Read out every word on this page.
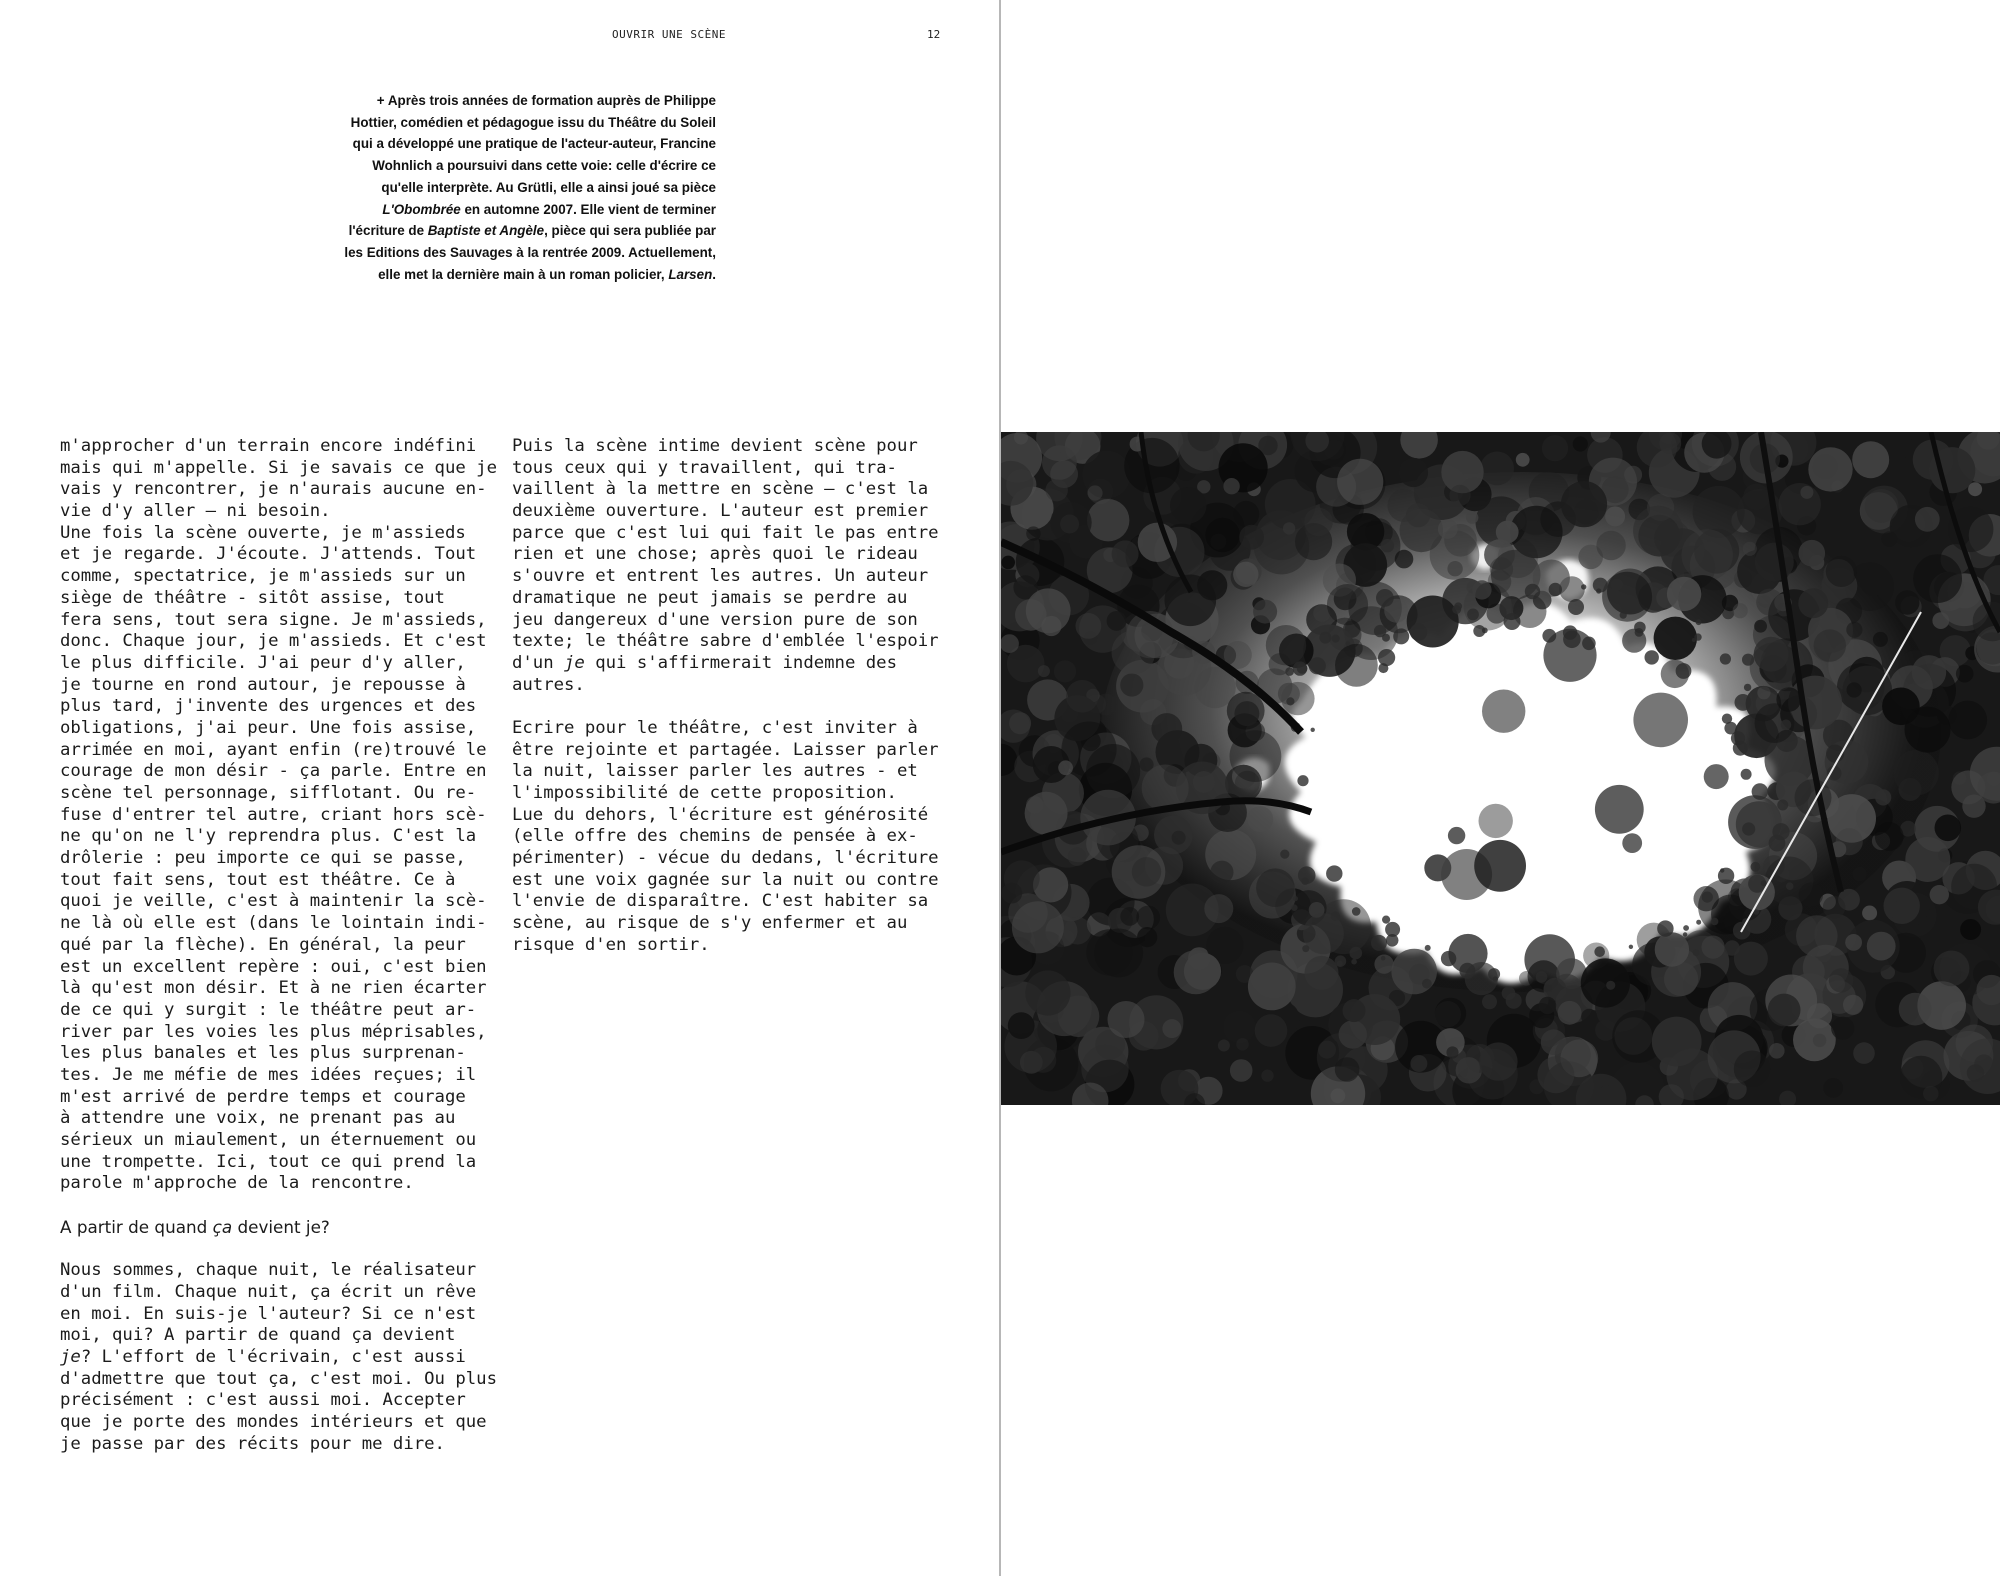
OUVRIR UNE SCÈNE	12
+ Après trois années de formation auprès de Philippe
Hottier, comédien et pédagogue issu du Théâtre du Soleil
qui a développé une pratique de l'acteur-auteur, Francine
Wohnlich a poursuivi dans cette voie: celle d'écrire ce
qu'elle interprète. Au Grütli, elle a ainsi joué sa pièce
L'Obombrée en automne 2007. Elle vient de terminer
l'écriture de Baptiste et Angèle, pièce qui sera publiée par
les Editions des Sauvages à la rentrée 2009. Actuellement,
elle met la dernière main à un roman policier, Larsen.
m'approcher d'un terrain encore indéfini
mais qui m'appelle. Si je savais ce que je
vais y rencontrer, je n'aurais aucune en-
vie d'y aller – ni besoin.
Une fois la scène ouverte, je m'assieds
et je regarde. J'écoute. J'attends. Tout
comme, spectatrice, je m'assieds sur un
siège de théâtre - sitôt assise, tout
fera sens, tout sera signe. Je m'assieds,
donc. Chaque jour, je m'assieds. Et c'est
le plus difficile. J'ai peur d'y aller,
je tourne en rond autour, je repousse à
plus tard, j'invente des urgences et des
obligations, j'ai peur. Une fois assise,
arrimée en moi, ayant enfin (re)trouvé le
courage de mon désir - ça parle. Entre en
scène tel personnage, sifflotant. Ou re-
fuse d'entrer tel autre, criant hors scè-
ne qu'on ne l'y reprendra plus. C'est la
drôlerie : peu importe ce qui se passe,
tout fait sens, tout est théâtre. Ce à
quoi je veille, c'est à maintenir la scè-
ne là où elle est (dans le lointain indi-
qué par la flèche). En général, la peur
est un excellent repère : oui, c'est bien
là qu'est mon désir. Et à ne rien écarter
de ce qui y surgit : le théâtre peut ar-
river par les voies les plus méprisables,
les plus banales et les plus surprenan-
tes. Je me méfie de mes idées reçues; il
m'est arrivé de perdre temps et courage
à attendre une voix, ne prenant pas au
sérieux un miaulement, un éternuement ou
une trompette. Ici, tout ce qui prend la
parole m'approche de la rencontre.
A partir de quand ça devient je?
Nous sommes, chaque nuit, le réalisateur
d'un film. Chaque nuit, ça écrit un rêve
en moi. En suis-je l'auteur? Si ce n'est
moi, qui? A partir de quand ça devient
je? L'effort de l'écrivain, c'est aussi
d'admettre que tout ça, c'est moi. Ou plus
précisément : c'est aussi moi. Accepter
que je porte des mondes intérieurs et que
je passe par des récits pour me dire.
Puis la scène intime devient scène pour
tous ceux qui y travaillent, qui tra-
vaillent à la mettre en scène – c'est la
deuxième ouverture. L'auteur est premier
parce que c'est lui qui fait le pas entre
rien et une chose; après quoi le rideau
s'ouvre et entrent les autres. Un auteur
dramatique ne peut jamais se perdre au
jeu dangereux d'une version pure de son
texte; le théâtre sabre d'emblée l'espoir
d'un je qui s'affirmerait indemne des
autres.
Ecrire pour le théâtre, c'est inviter à
être rejointe et partagée. Laisser parler
la nuit, laisser parler les autres - et
l'impossibilité de cette proposition.
Lue du dehors, l'écriture est générosité
(elle offre des chemins de pensée à ex-
périmenter) - vécue du dedans, l'écriture
est une voix gagnée sur la nuit ou contre
l'envie de disparaître. C'est habiter sa
scène, au risque de s'y enfermer et au
risque d'en sortir.
